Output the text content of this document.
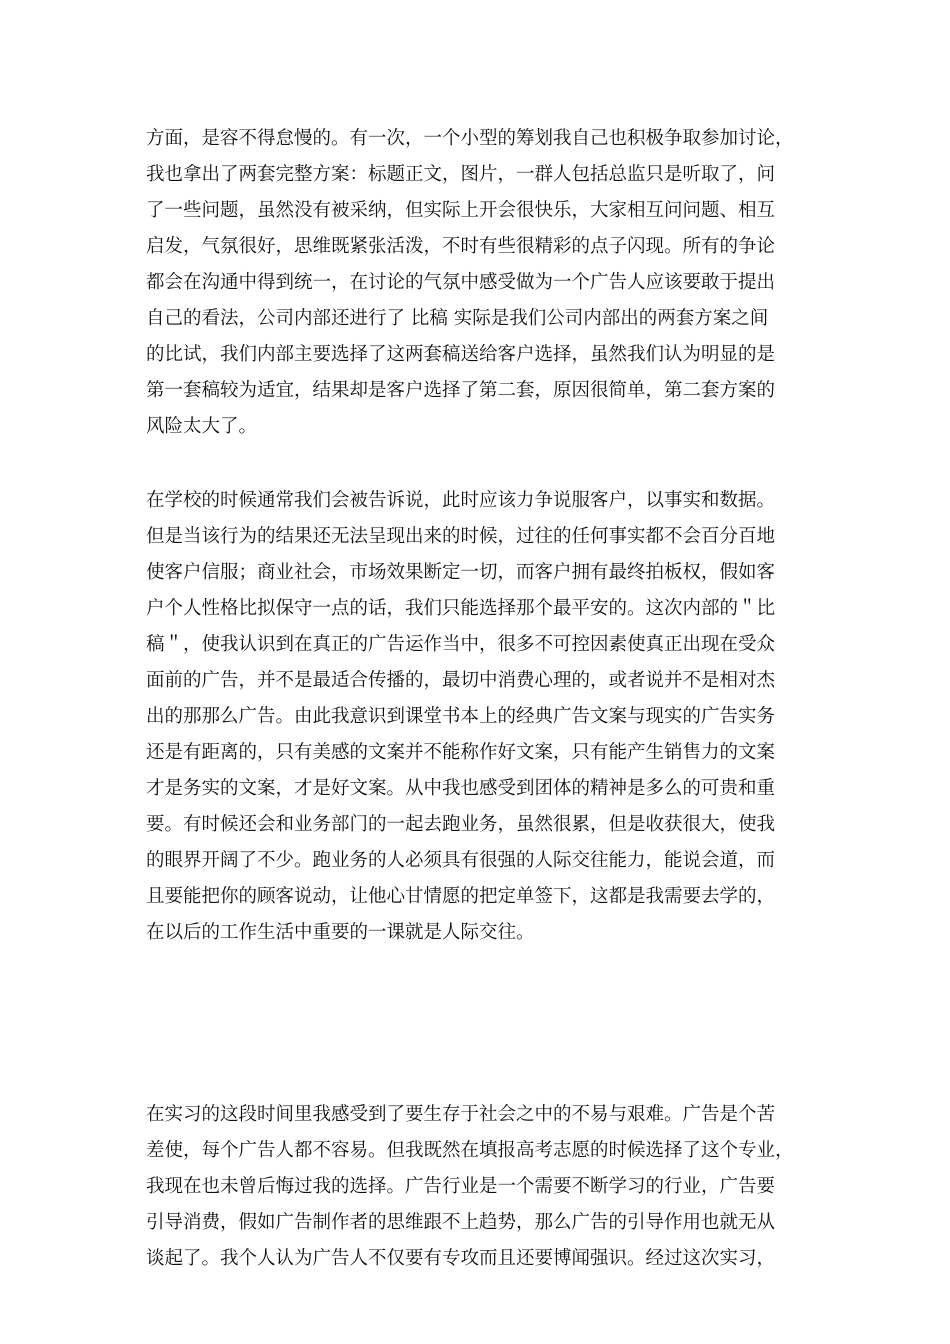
方面，是容不得怠慢的。有一次，一个小型的筹划我自己也积极争取参加讨论，
我也拿出了两套完整方案：标题正文，图片，一群人包括总监只是听取了，问
了一些问题，虽然没有被采纳，但实际上开会很快乐，大家相互问问题、相互
启发，气氛很好，思维既紧张活泼，不时有些很精彩的点子闪现。所有的争论
都会在沟通中得到统一，在讨论的气氛中感受做为一个广告人应该要敢于提出
自己的看法，公司内部还进行了 比稿 实际是我们公司内部出的两套方案之间
的比试，我们内部主要选择了这两套稿送给客户选择，虽然我们认为明显的是
第一套稿较为适宜，结果却是客户选择了第二套，原因很简单，第二套方案的
风险太大了。
在学校的时候通常我们会被告诉说，此时应该力争说服客户，以事实和数据。
但是当该行为的结果还无法呈现出来的时候，过往的任何事实都不会百分百地
使客户信服；商业社会，市场效果断定一切，而客户拥有最终拍板权，假如客
户个人性格比拟保守一点的话，我们只能选择那个最平安的。这次内部的＂比
稿＂，使我认识到在真正的广告运作当中，很多不可控因素使真正出现在受众
面前的广告，并不是最适合传播的，最切中消费心理的，或者说并不是相对杰
出的那那么广告。由此我意识到课堂书本上的经典广告文案与现实的广告实务
还是有距离的，只有美感的文案并不能称作好文案，只有能产生销售力的文案
才是务实的文案，才是好文案。从中我也感受到团体的精神是多么的可贵和重
要。有时候还会和业务部门的一起去跑业务，虽然很累，但是收获很大，使我
的眼界开阔了不少。跑业务的人必须具有很强的人际交往能力，能说会道，而
且要能把你的顾客说动，让他心甘情愿的把定单签下，这都是我需要去学的，
在以后的工作生活中重要的一课就是人际交往。
在实习的这段时间里我感受到了要生存于社会之中的不易与艰难。广告是个苦
差使，每个广告人都不容易。但我既然在填报高考志愿的时候选择了这个专业，
我现在也未曾后悔过我的选择。广告行业是一个需要不断学习的行业，广告要
引导消费，假如广告制作者的思维跟不上趋势，那么广告的引导作用也就无从
谈起了。我个人认为广告人不仅要有专攻而且还要博闻强识。经过这次实习，
